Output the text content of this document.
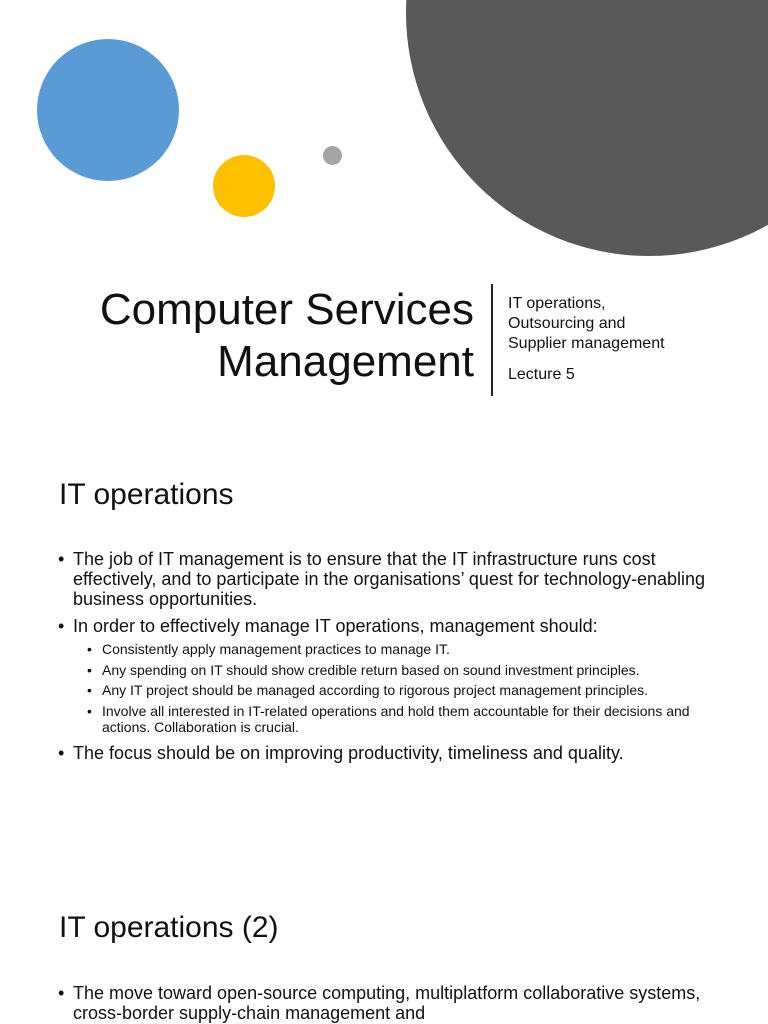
Computer Services
Management
IT operations,
Outsourcing and
Supplier management
Lecture 5
IT operations
• The job of IT management is to ensure that the IT infrastructure runs cost effectively, and to participate in the organisations’ quest for technology-enabling business opportunities.
• In order to effectively manage IT operations, management should:
• Consistently apply management practices to manage IT.
• Any spending on IT should show credible return based on sound investment principles.
• Any IT project should be managed according to rigorous project management principles.
• Involve all interested in IT-related operations and hold them accountable for their decisions and actions. Collaboration is crucial.
• The focus should be on improving productivity, timeliness and quality.
IT operations (2)
• The move toward open-source computing, multiplatform collaborative systems, cross-border supply-chain management and
